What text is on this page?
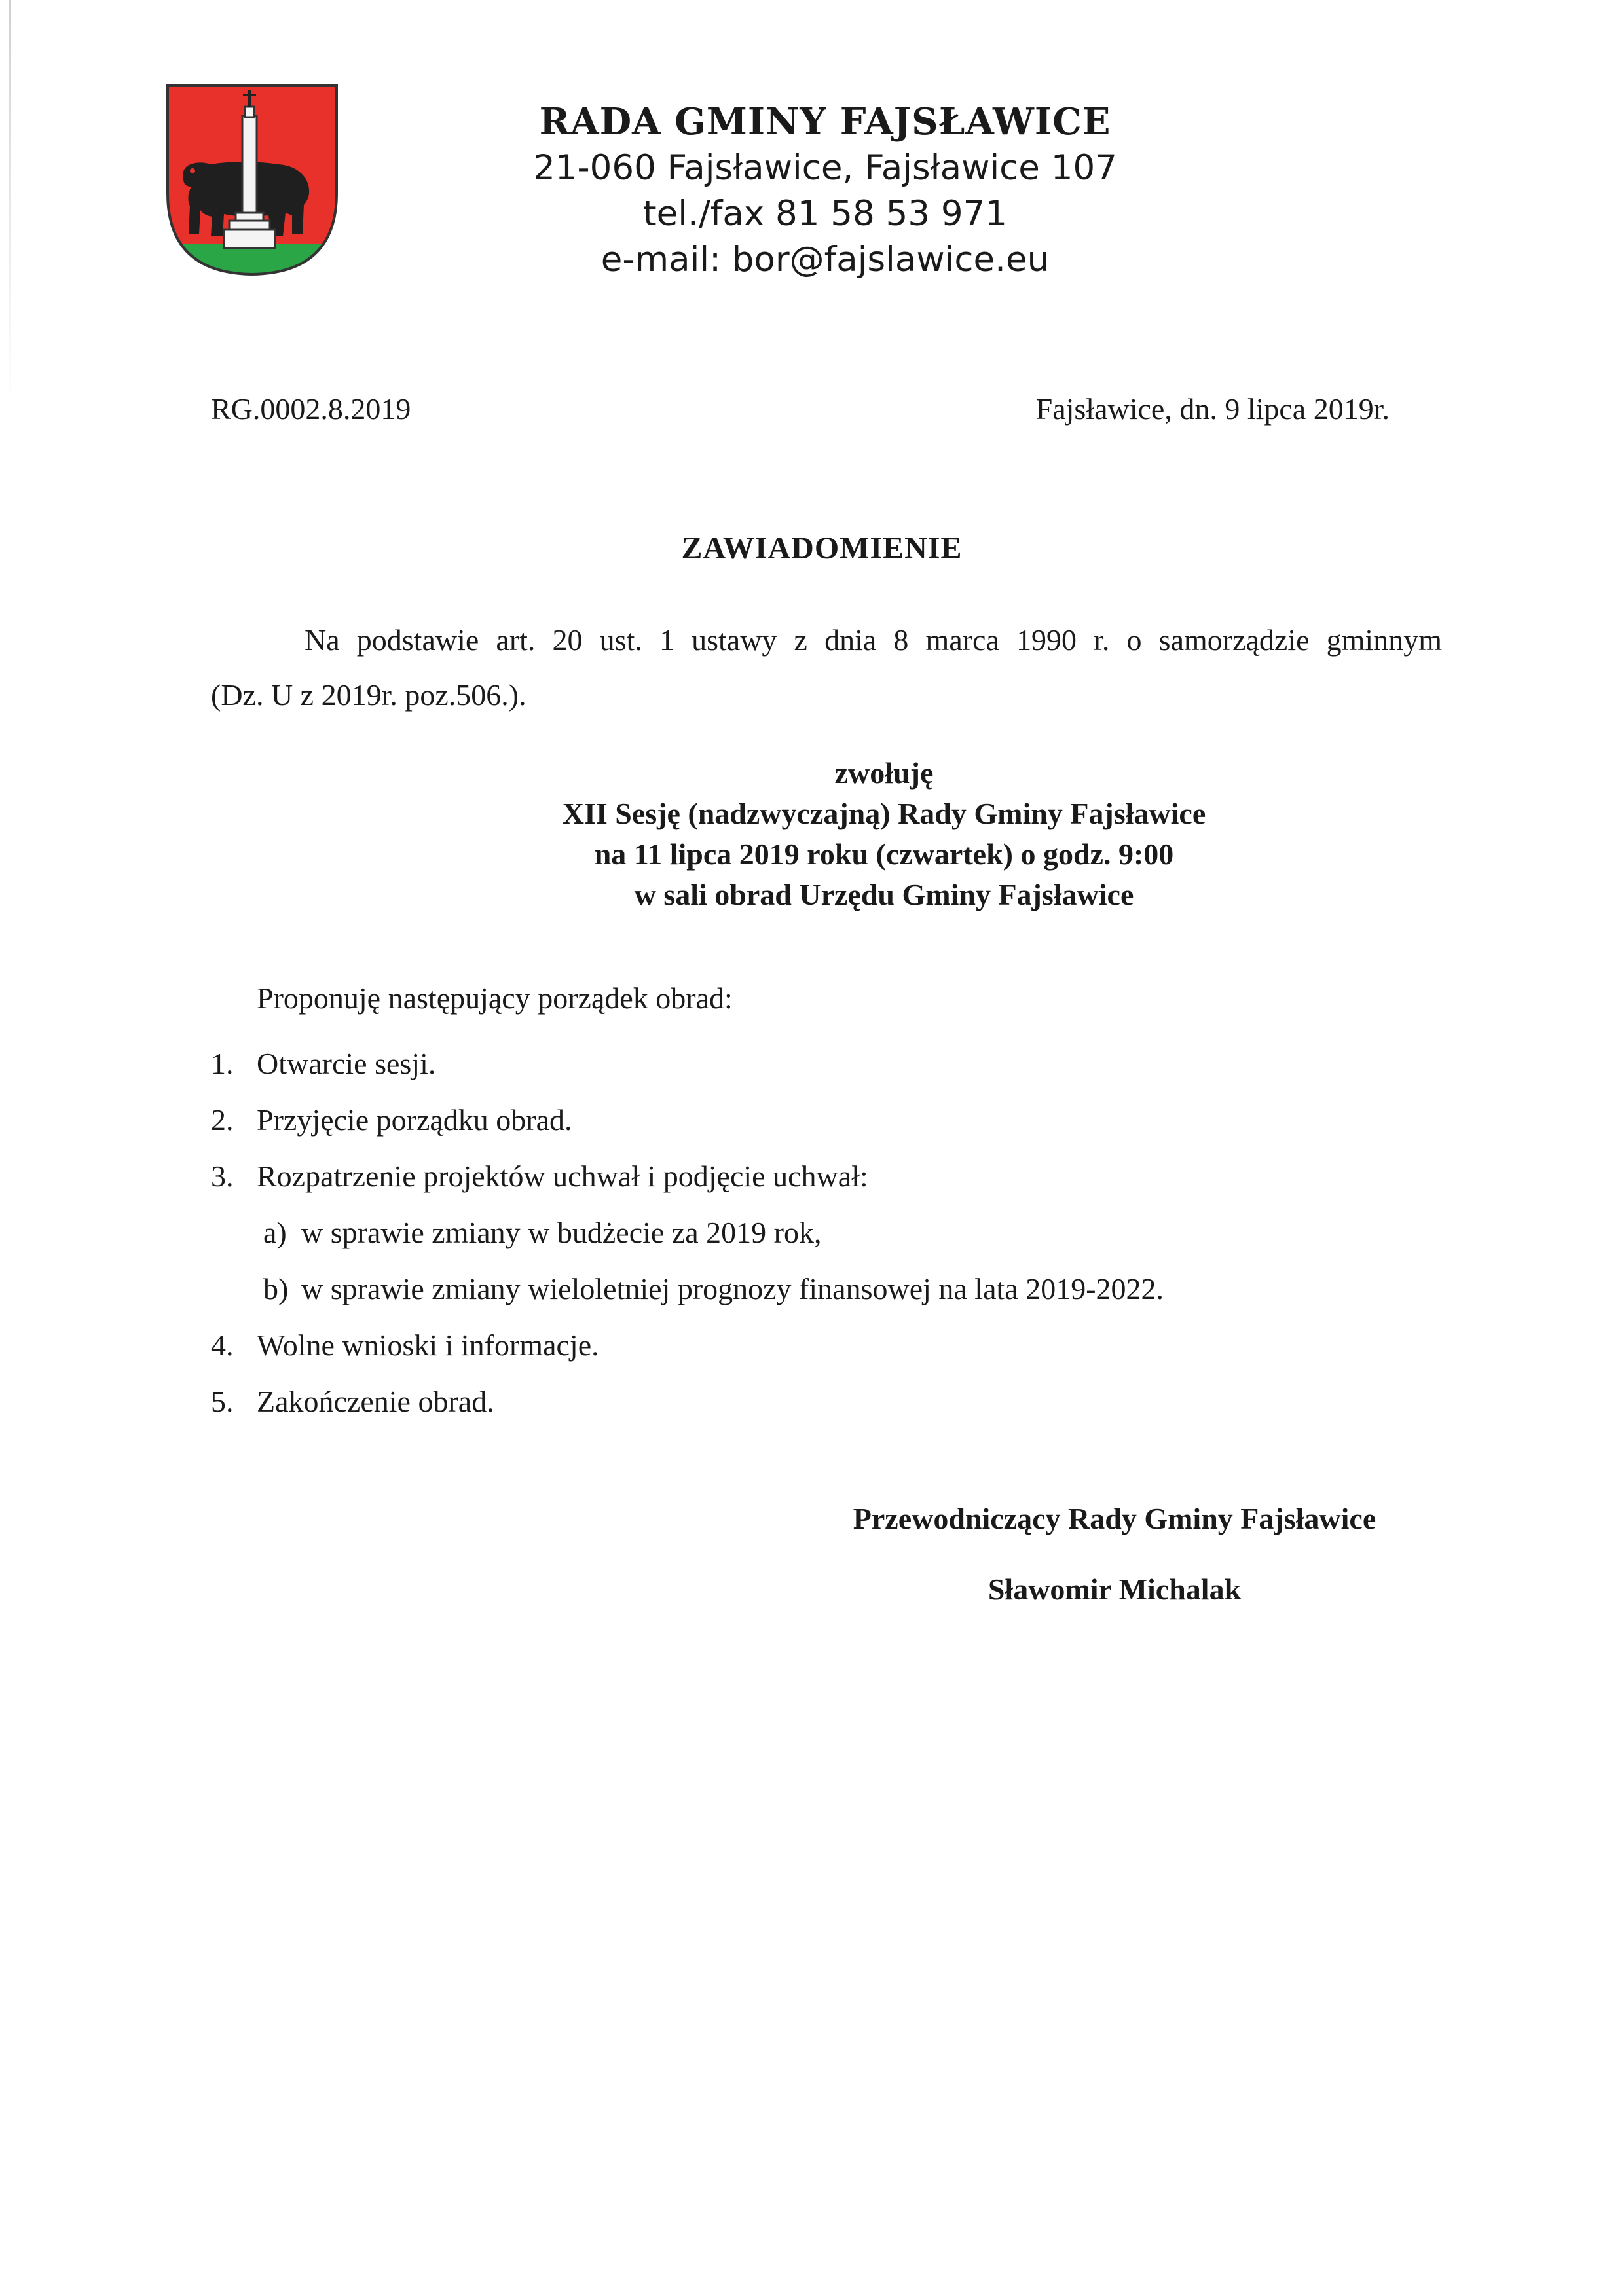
RADA GMINY FAJSŁAWICE
21-060 Fajsławice, Fajsławice 107
tel./fax 81 58 53 971
e-mail: bor@fajslawice.eu
RG.0002.8.2019	Fajsławice, dn. 9 lipca 2019r.
ZAWIADOMIENIE
Na podstawie art. 20 ust. 1 ustawy z dnia 8 marca 1990 r. o samorządzie gminnym
(Dz. U z 2019r. poz.506.).
zwołuję
XII Sesję (nadzwyczajną) Rady Gminy Fajsławice
na 11 lipca 2019 roku (czwartek) o godz. 9:00
w sali obrad Urzędu Gminy Fajsławice
Proponuję następujący porządek obrad:
1. Otwarcie sesji.
2. Przyjęcie porządku obrad.
3. Rozpatrzenie projektów uchwał i podjęcie uchwał:
a) w sprawie zmiany w budżecie za 2019 rok,
b) w sprawie zmiany wieloletniej prognozy finansowej na lata 2019-2022.
4. Wolne wnioski i informacje.
5. Zakończenie obrad.
Przewodniczący Rady Gminy Fajsławice
Sławomir Michalak
